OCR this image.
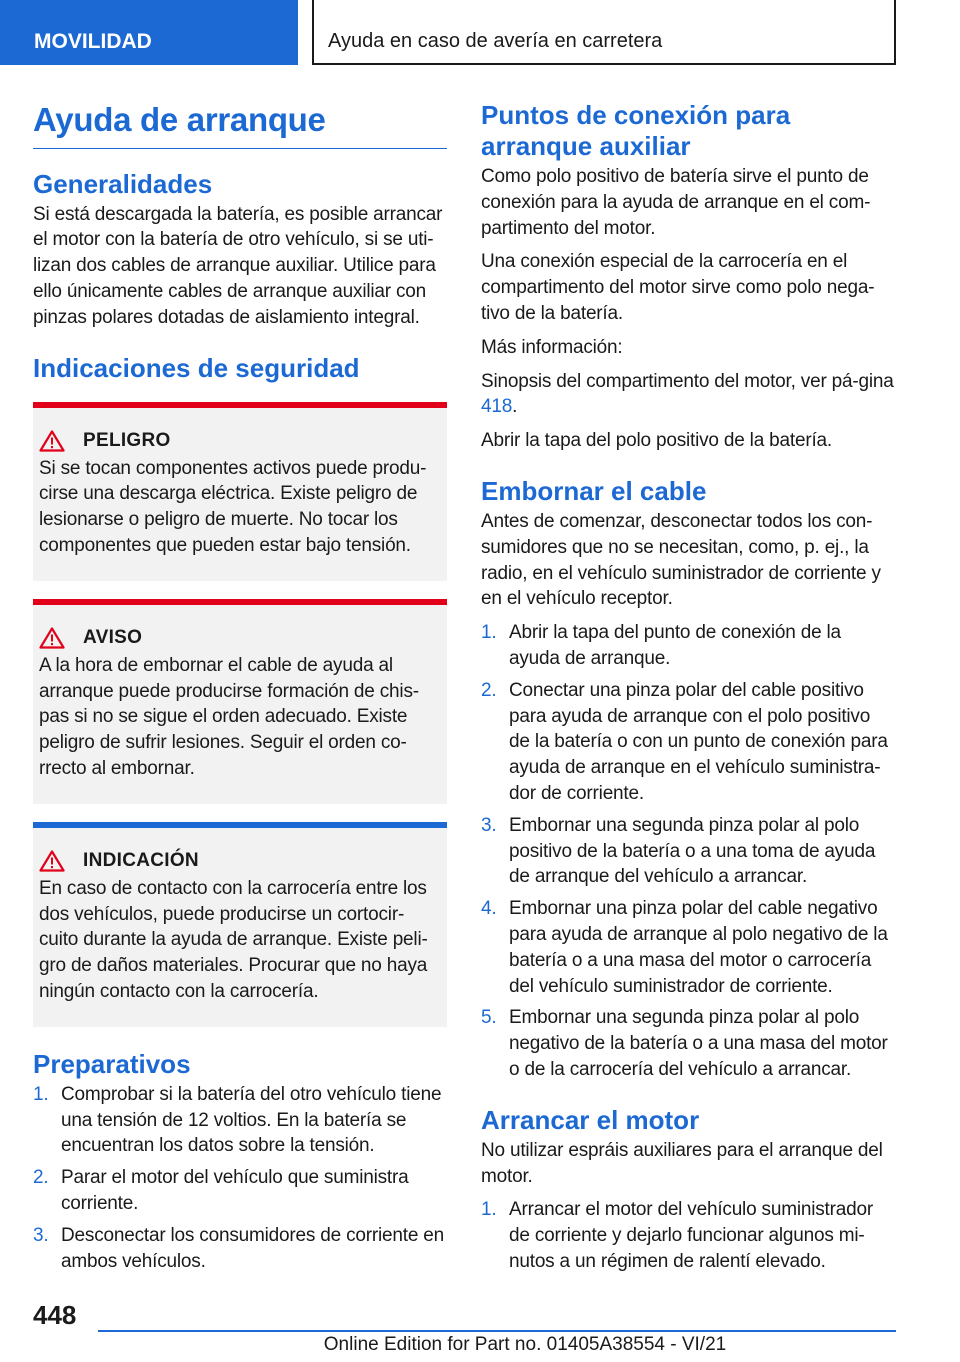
MOVILIDAD	Ayuda en caso de avería en carretera
Ayuda de arranque
Generalidades

Si está descargada la batería, es posible arrancar el motor con la batería de otro vehículo, si se uti-lizan dos cables de arranque auxiliar. Utilice para ello únicamente cables de arranque auxiliar con pinzas polares dotadas de aislamiento integral.

Indicaciones de seguridad
PELIGRO

Si se tocan componentes activos puede produ-cirse una descarga eléctrica. Existe peligro de lesionarse o peligro de muerte. No tocar los componentes que pueden estar bajo tensión.

AVISO

A la hora de embornar el cable de ayuda al arranque puede producirse formación de chis-pas si no se sigue el orden adecuado. Existe peligro de sufrir lesiones. Seguir el orden co-rrecto al embornar.

INDICACIÓN

En caso de contacto con la carrocería entre los dos vehículos, puede producirse un cortocir-cuito durante la ayuda de arranque. Existe peli-gro de daños materiales. Procurar que no haya ningún contacto con la carrocería.

Preparativos
1. Comprobar si la batería del otro vehículo tiene una tensión de 12 voltios. En la batería se encuentran los datos sobre la tensión.
2. Parar el motor del vehículo que suministra corriente.
3. Desconectar los consumidores de corriente en ambos vehículos.
Puntos de conexión para arranque auxiliar

Como polo positivo de batería sirve el punto de conexión para la ayuda de arranque en el com-partimento del motor.

Una conexión especial de la carrocería en el compartimento del motor sirve como polo nega-tivo de la batería.

Más información:

Sinopsis del compartimento del motor, ver pá-gina 418.

Abrir la tapa del polo positivo de la batería.

Embornar el cable

Antes de comenzar, desconectar todos los con-sumidores que no se necesitan, como, p. ej., la radio, en el vehículo suministrador de corriente y en el vehículo receptor.

1. Abrir la tapa del punto de conexión de la ayuda de arranque.
2. Conectar una pinza polar del cable positivo para ayuda de arranque con el polo positivo de la batería o con un punto de conexión para ayuda de arranque en el vehículo suministra-dor de corriente.
3. Embornar una segunda pinza polar al polo positivo de la batería o a una toma de ayuda de arranque del vehículo a arrancar.
4. Embornar una pinza polar del cable negativo para ayuda de arranque al polo negativo de la batería o a una masa del motor o carrocería del vehículo suministrador de corriente.
5. Embornar una segunda pinza polar al polo negativo de la batería o a una masa del motor o de la carrocería del vehículo a arrancar.
Arrancar el motor

No utilizar espráis auxiliares para el arranque del motor.

1. Arrancar el motor del vehículo suministrador de corriente y dejarlo funcionar algunos mi-nutos a un régimen de ralentí elevado.
448
Online Edition for Part no. 01405A38554 - VI/21
